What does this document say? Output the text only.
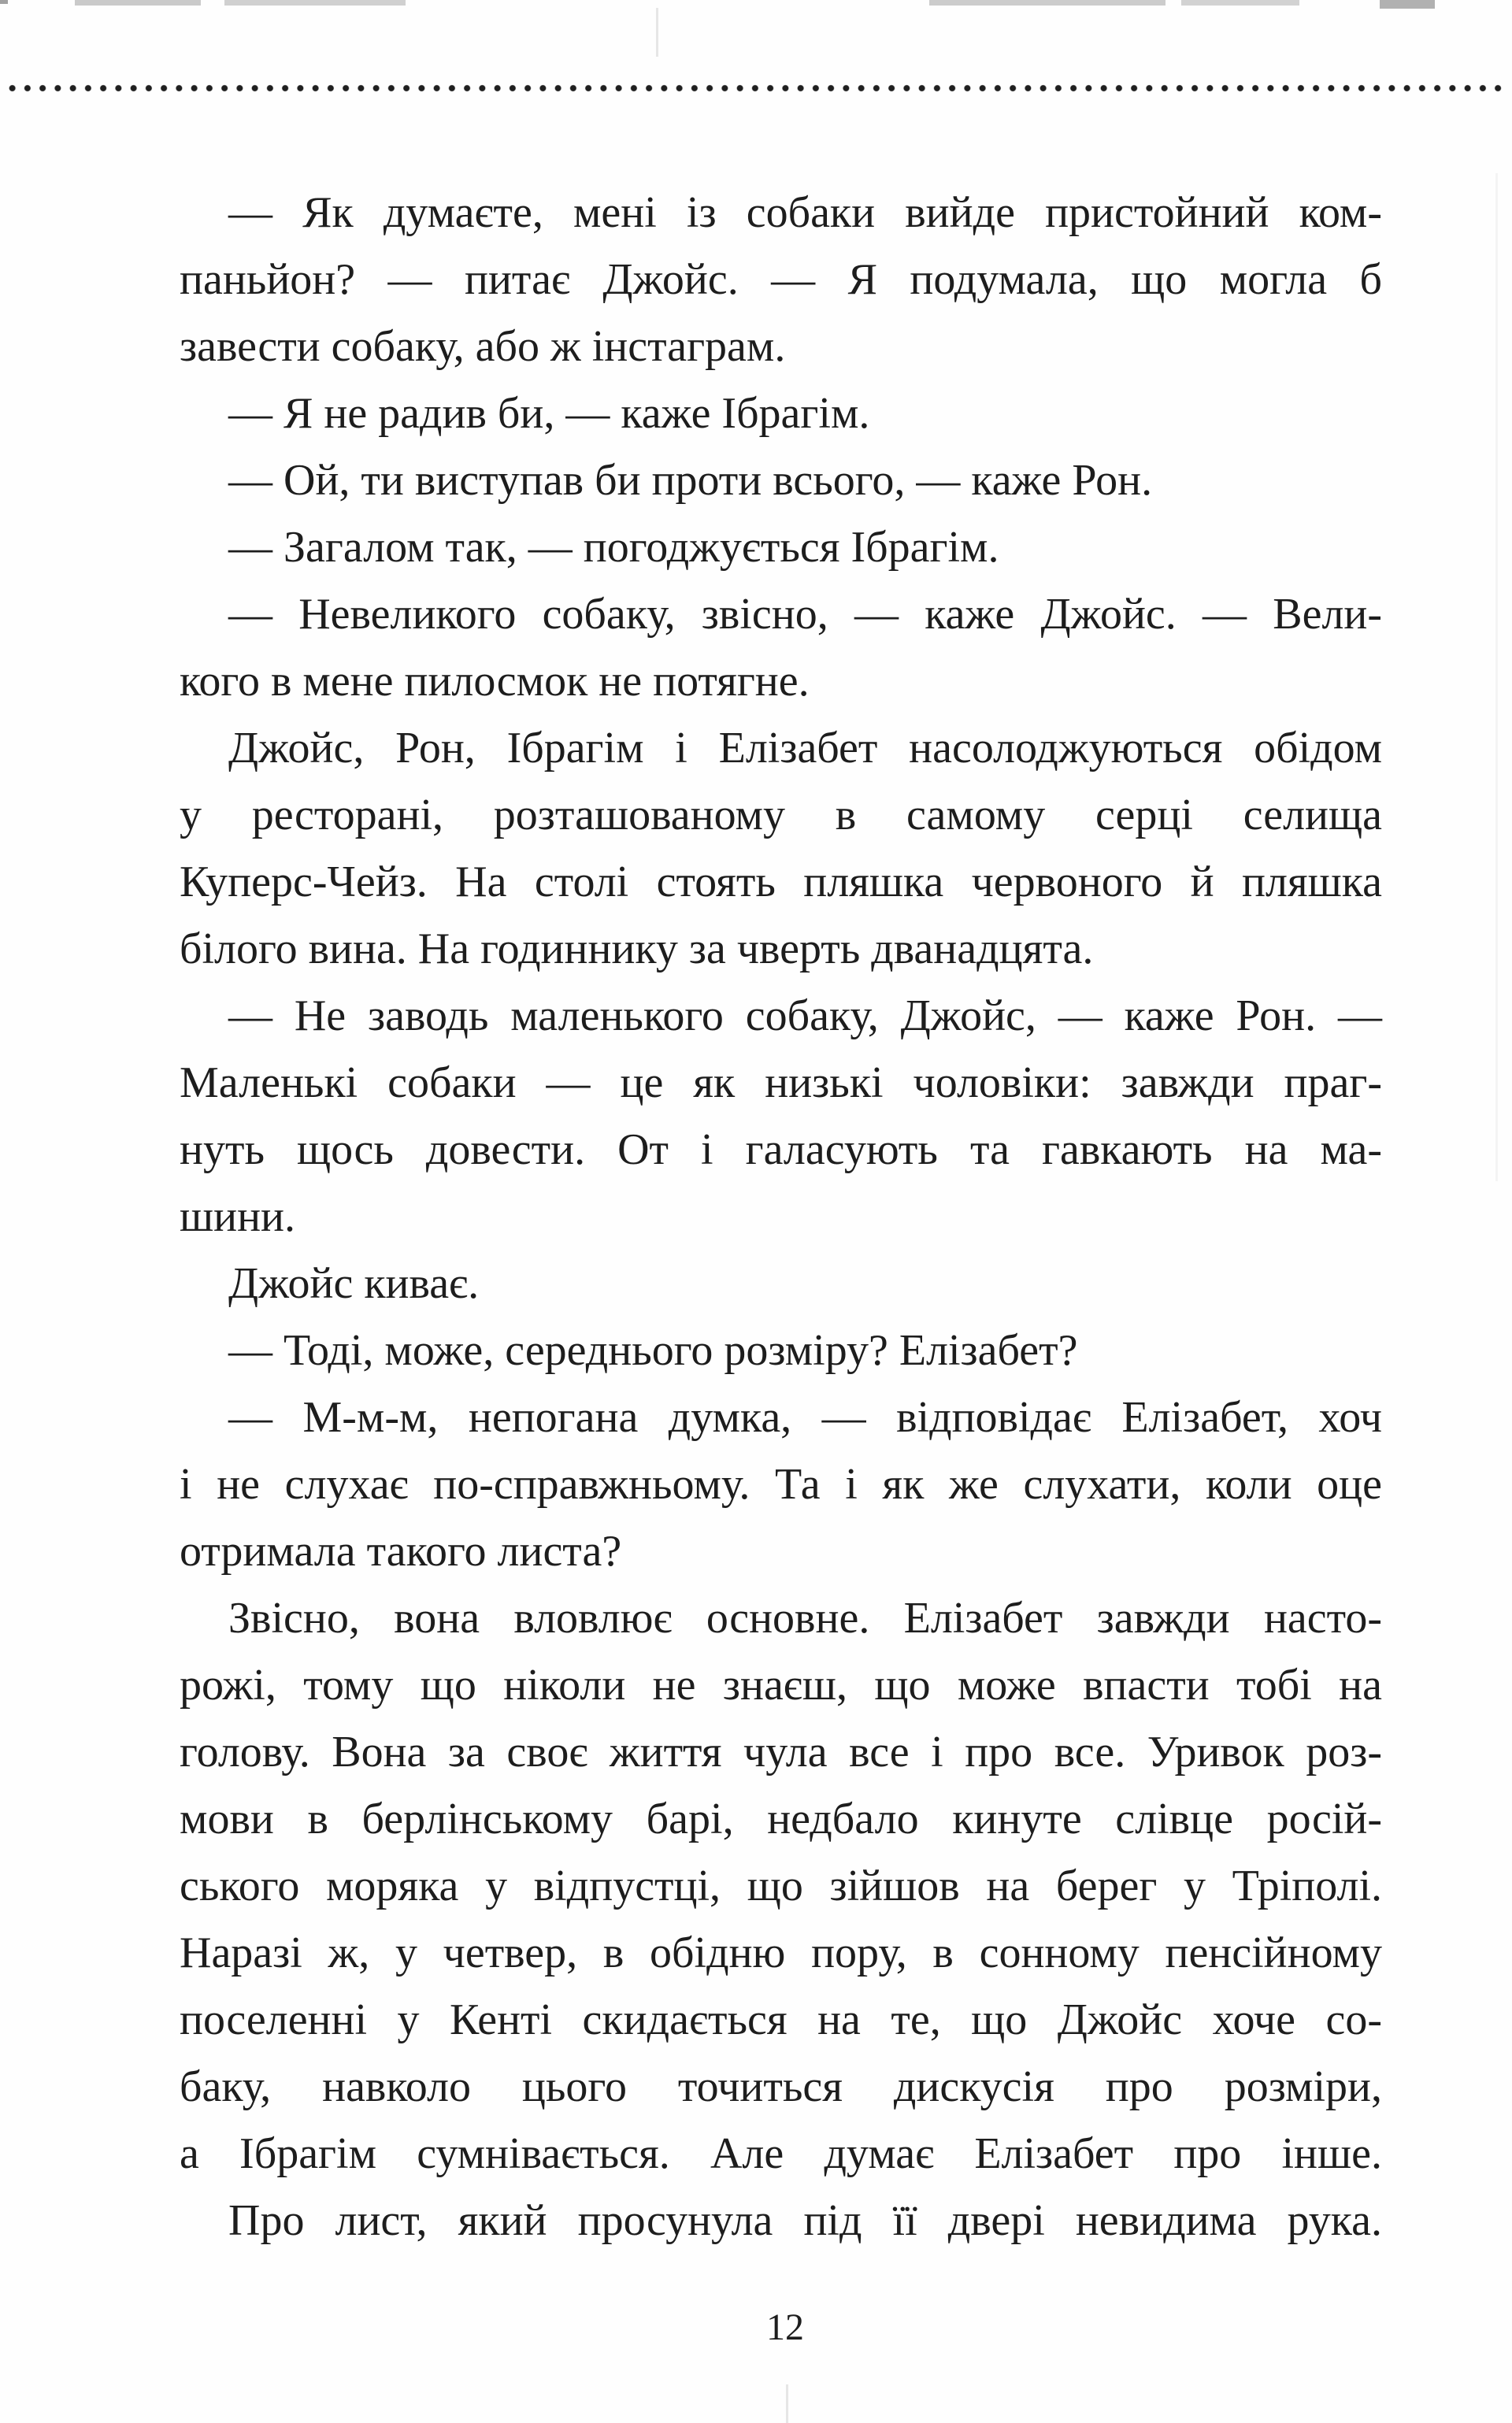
— Як думаєте, мені із собаки вийде пристойний ком-
паньйон? — питає Джойс. — Я подумала, що могла б
завести собаку, або ж інстаграм.
— Я не радив би, — каже Ібрагім.
— Ой, ти виступав би проти всього, — каже Рон.
— Загалом так, — погоджується Ібрагім.
— Невеликого собаку, звісно, — каже Джойс. — Вели-
кого в мене пилосмок не потягне.
Джойс, Рон, Ібрагім і Елізабет насолоджуються обідом
у ресторані, розташованому в самому серці селища
Куперс-Чейз. На столі стоять пляшка червоного й пляшка
білого вина. На годиннику за чверть дванадцята.
— Не заводь маленького собаку, Джойс, — каже Рон. —
Маленькі собаки — це як низькі чоловіки: завжди праг-
нуть щось довести. От і галасують та гавкають на ма-
шини.
Джойс киває.
— Тоді, може, середнього розміру? Елізабет?
— М-м-м, непогана думка, — відповідає Елізабет, хоч
і не слухає по-справжньому. Та і як же слухати, коли оце
отримала такого листа?
Звісно, вона вловлює основне. Елізабет завжди насто-
рожі, тому що ніколи не знаєш, що може впасти тобі на
голову. Вона за своє життя чула все і про все. Уривок роз-
мови в берлінському барі, недбало кинуте слівце росій-
ського моряка у відпустці, що зійшов на берег у Тріполі.
Наразі ж, у четвер, в обідню пору, в сонному пенсійному
поселенні у Кенті скидається на те, що Джойс хоче со-
баку, навколо цього точиться дискусія про розміри,
а Ібрагім сумнівається. Але думає Елізабет про інше.
Про лист, який просунула під її двері невидима рука.
12
